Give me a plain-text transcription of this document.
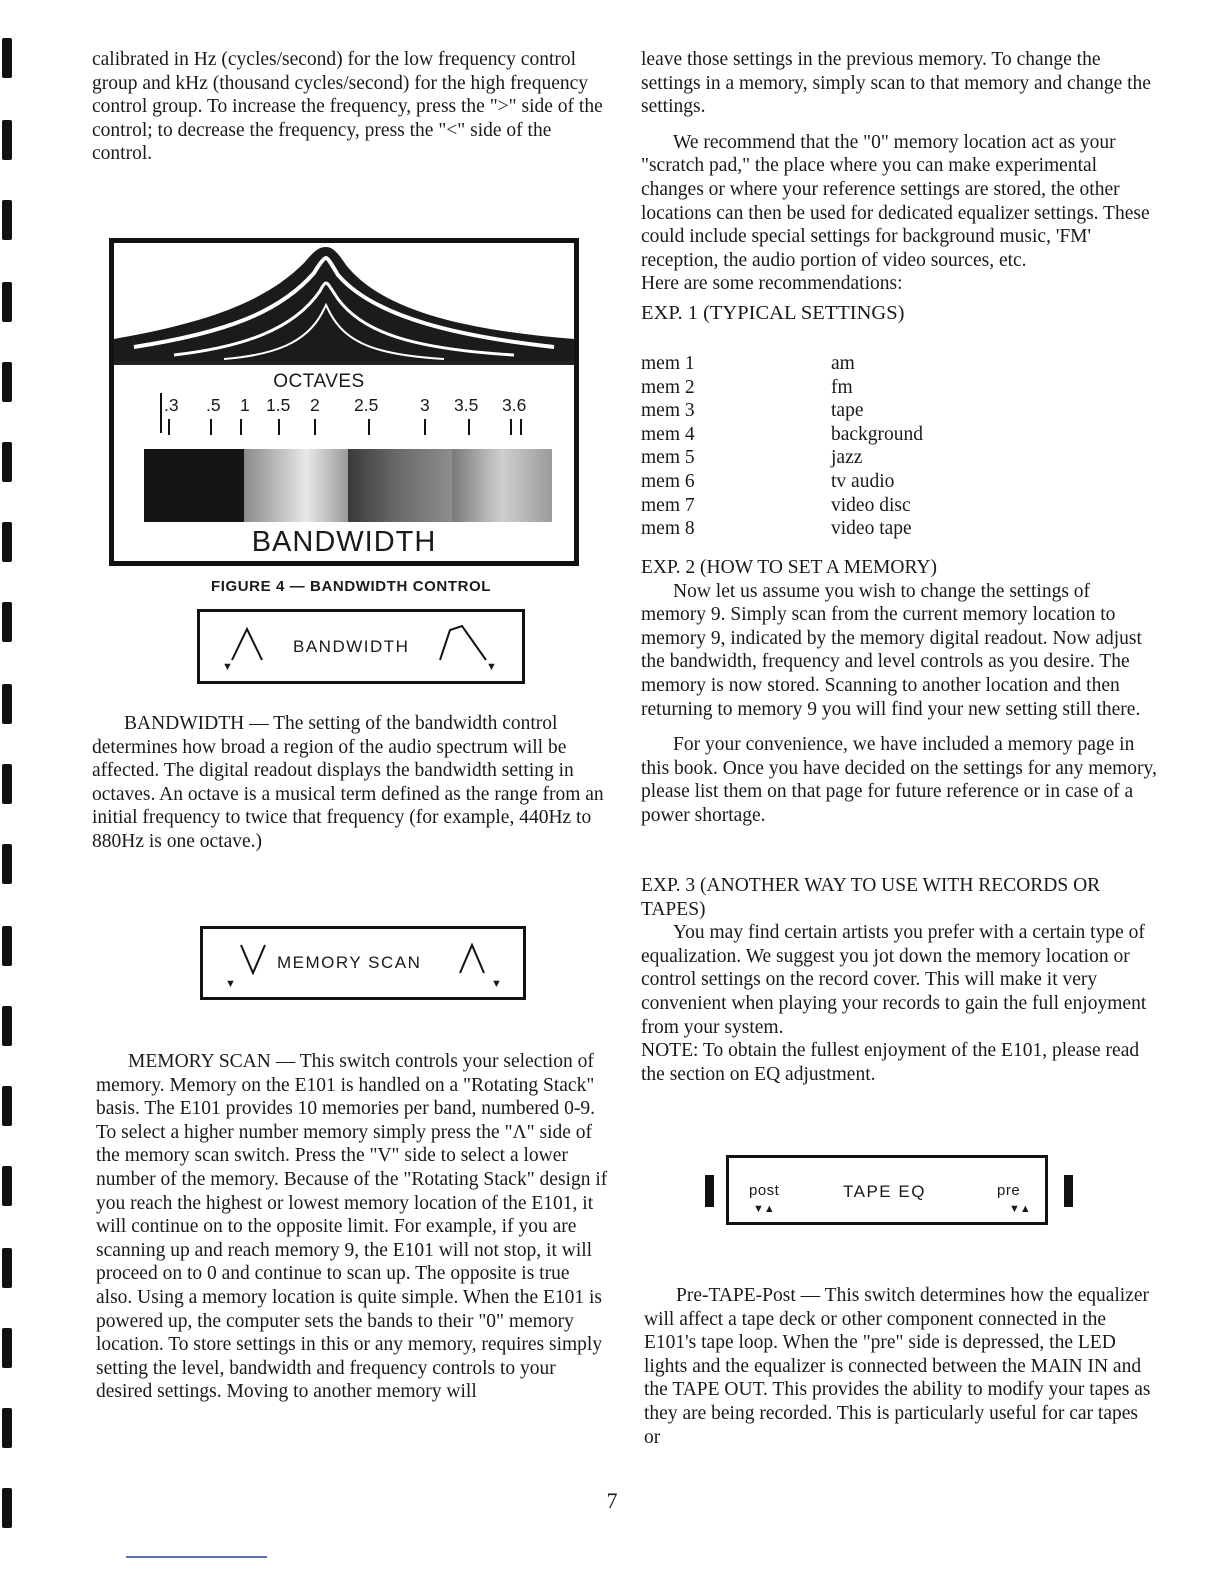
calibrated in Hz (cycles/second) for the low frequency control group and kHz (thousand cycles/second) for the high frequency control group. To increase the frequency, press the ">" side of the control; to decrease the frequency, press the "<" side of the control.

OCTAVES
.3 .5 1 1.5 2 2.5 3 3.5 3.6
BANDWIDTH
FIGURE 4 — BANDWIDTH CONTROL
▼
BANDWIDTH
▼

BANDWIDTH — The setting of the bandwidth control determines how broad a region of the audio spectrum will be affected. The digital readout displays the bandwidth setting in octaves. An octave is a musical term defined as the range from an initial frequency to twice that frequency (for example, 440Hz to 880Hz is one octave.)

▼
MEMORY SCAN
▼

MEMORY SCAN — This switch controls your selection of memory. Memory on the E101 is handled on a "Rotating Stack" basis. The E101 provides 10 memories per band, numbered 0-9. To select a higher number memory simply press the "Λ" side of the memory scan switch. Press the "V" side to select a lower number of the memory. Because of the "Rotating Stack" design if you reach the highest or lowest memory location of the E101, it will continue on to the opposite limit. For example, if you are scanning up and reach memory 9, the E101 will not stop, it will proceed on to 0 and continue to scan up. The opposite is true also. Using a memory location is quite simple. When the E101 is powered up, the computer sets the bands to their "0" memory location. To store settings in this or any memory, requires simply setting the level, bandwidth and frequency controls to your desired settings. Moving to another memory will

leave those settings in the previous memory. To change the settings in a memory, simply scan to that memory and change the settings.

We recommend that the "0" memory location act as your "scratch pad," the place where you can make experimental changes or where your reference settings are stored, the other locations can then be used for dedicated equalizer settings. These could include special settings for background music, 'FM' reception, the audio portion of video sources, etc.

Here are some recommendations:

EXP. 1 (TYPICAL SETTINGS)

mem 1	am
mem 2	fm
mem 3	tape
mem 4	background
mem 5	jazz
mem 6	tv audio
mem 7	video disc
mem 8	video tape

EXP. 2 (HOW TO SET A MEMORY)

Now let us assume you wish to change the settings of memory 9. Simply scan from the current memory location to memory 9, indicated by the memory digital readout. Now adjust the bandwidth, frequency and level controls as you desire. The memory is now stored. Scanning to another location and then returning to memory 9 you will find your new setting still there.

For your convenience, we have included a memory page in this book. Once you have decided on the settings for any memory, please list them on that page for future reference or in case of a power shortage.

EXP. 3 (ANOTHER WAY TO USE WITH RECORDS OR TAPES)

You may find certain artists you prefer with a certain type of equalization. We suggest you jot down the memory location or control settings on the record cover. This will make it very convenient when playing your records to gain the full enjoyment from your system.

NOTE: To obtain the fullest enjoyment of the E101, please read the section on EQ adjustment.

post
▼▲
TAPE EQ	pre
▼▲

Pre-TAPE-Post — This switch determines how the equalizer will affect a tape deck or other component connected in the E101's tape loop. When the "pre" side is depressed, the LED lights and the equalizer is connected between the MAIN IN and the TAPE OUT. This provides the ability to modify your tapes as they are being recorded. This is particularly useful for car tapes or

7
